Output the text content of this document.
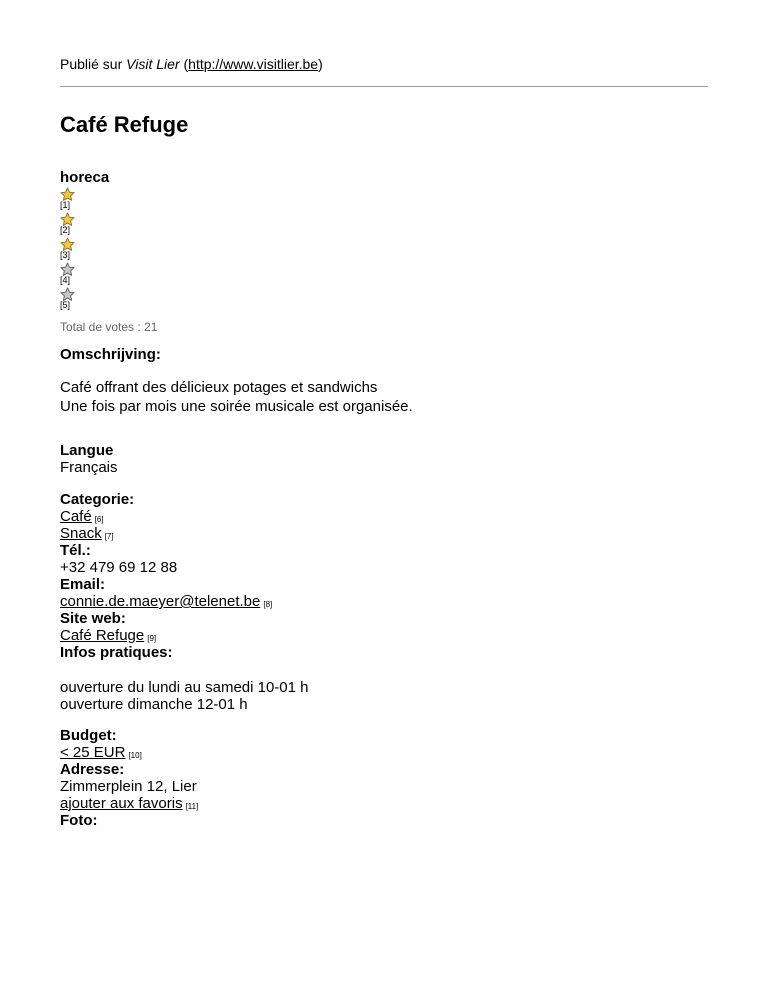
Publié sur Visit Lier (http://www.visitlier.be)
Café Refuge
horeca
[1]
[2]
[3]
[4]
[5]
Total de votes : 21
Omschrijving:
Café offrant des délicieux potages et sandwichs
Une fois par mois une soirée musicale est organisée.
Langue
Français
Categorie:
Café [6]
Snack [7]
Tél.:
+32 479 69 12 88
Email:
connie.de.maeyer@telenet.be [8]
Site web:
Café Refuge [9]
Infos pratiques:
ouverture du lundi au samedi 10-01 h
ouverture dimanche 12-01 h
Budget:
< 25 EUR [10]
Adresse:
Zimmerplein 12, Lier
ajouter aux favoris [11]
Foto:
